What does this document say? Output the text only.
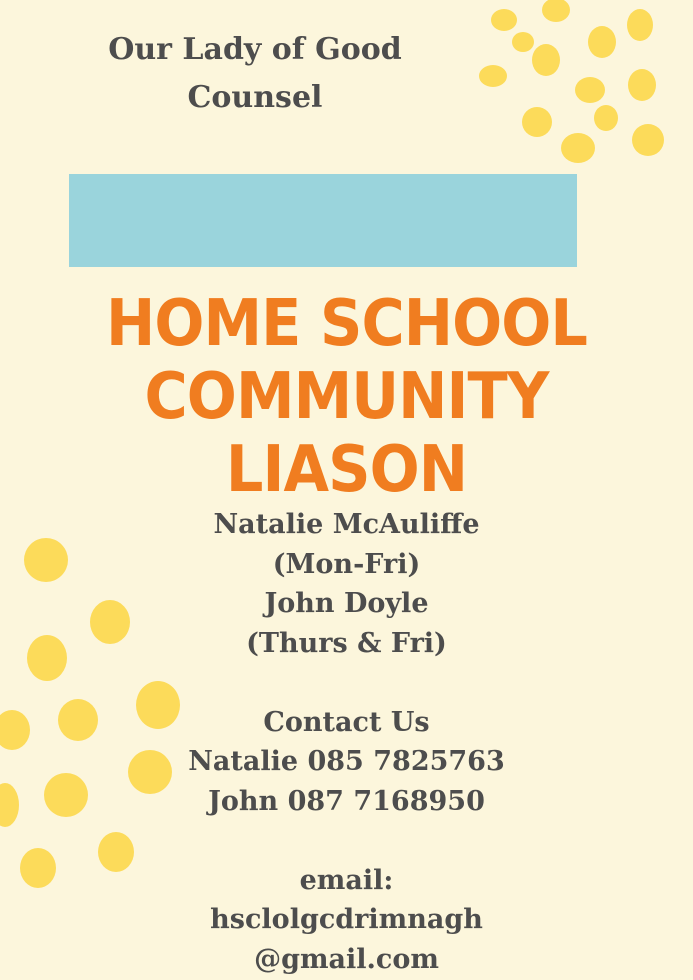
Our Lady of Good
Counsel
HOME SCHOOL
COMMUNITY
LIASON
Natalie McAuliffe
(Mon-Fri)
John Doyle
(Thurs & Fri)
Contact Us
Natalie 085 7825763
John 087 7168950
email:
hsclolgcdrimnagh
@gmail.com
